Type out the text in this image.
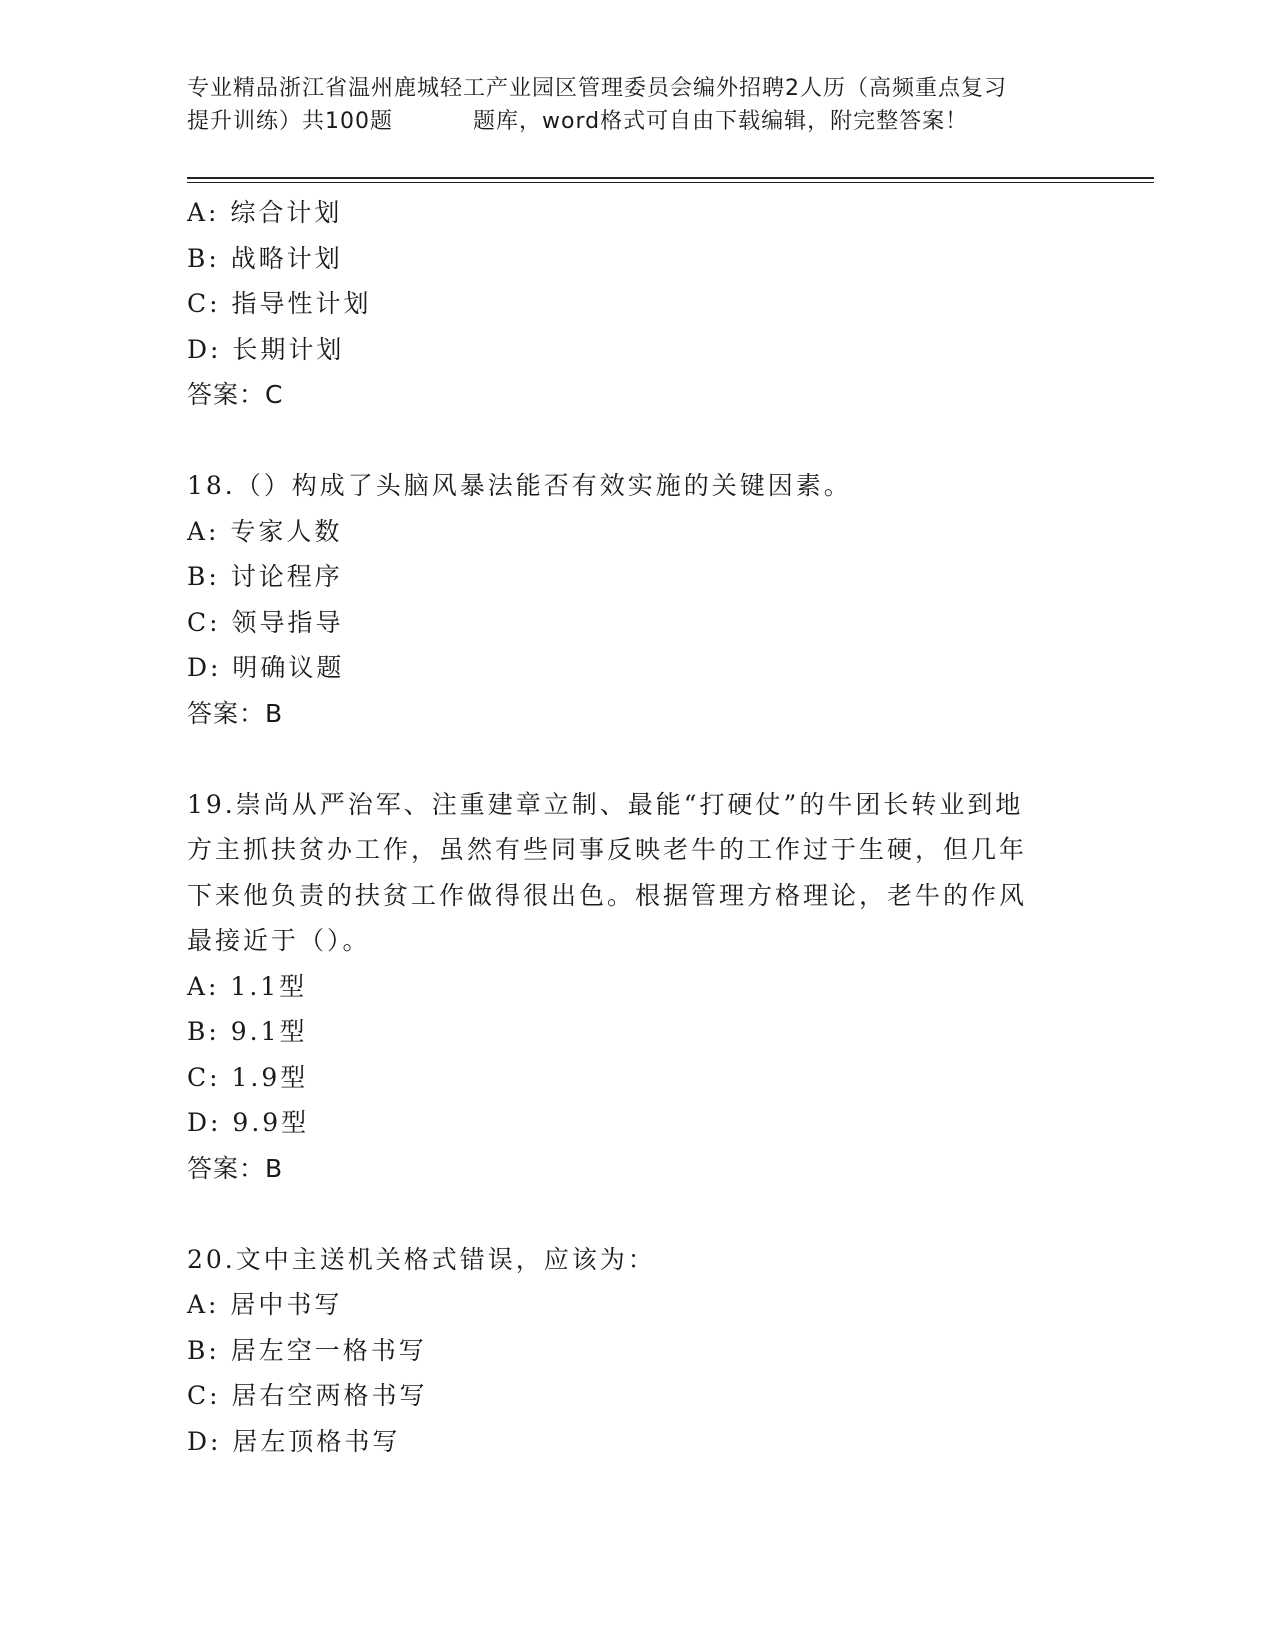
专业精品浙江省温州鹿城轻工产业园区管理委员会编外招聘2人历（高频重点复习
提升训练）共100题	题库，word格式可自由下载编辑，附完整答案！
A: 综合计划
B: 战略计划
C: 指导性计划
D: 长期计划
答案：C
18.（）构成了头脑风暴法能否有效实施的关键因素。
A: 专家人数
B: 讨论程序
C: 领导指导
D: 明确议题
答案：B
19.崇尚从严治军、注重建章立制、最能“打硬仗”的牛团长转业到地
方主抓扶贫办工作，虽然有些同事反映老牛的工作过于生硬，但几年
下来他负责的扶贫工作做得很出色。根据管理方格理论，老牛的作风
最接近于（）。
A: 1.1型
B: 9.1型
C: 1.9型
D: 9.9型
答案：B
20.文中主送机关格式错误，应该为：
A: 居中书写
B: 居左空一格书写
C: 居右空两格书写
D: 居左顶格书写
